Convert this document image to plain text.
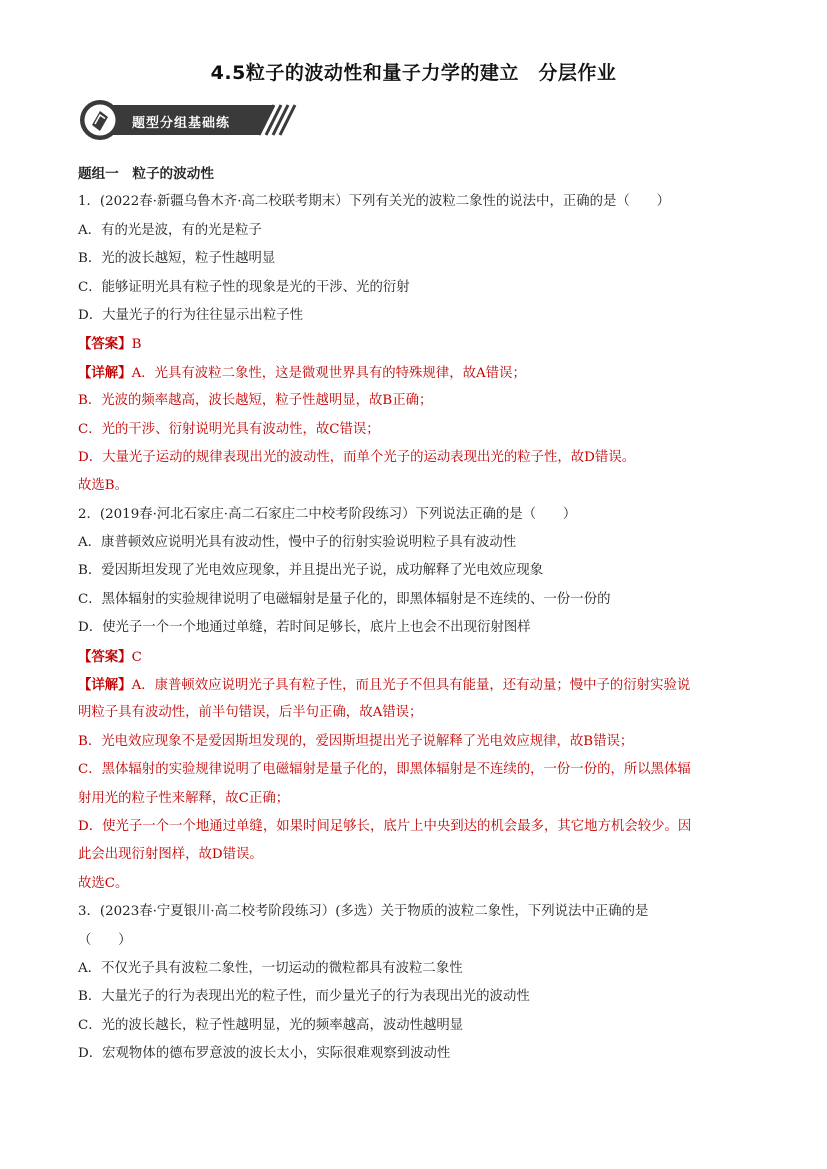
4.5粒子的波动性和量子力学的建立　分层作业
题型分组基础练
题组一　粒子的波动性
1．(2022春·新疆乌鲁木齐·高二校联考期末）下列有关光的波粒二象性的说法中，正确的是（　　）
A．有的光是波，有的光是粒子
B．光的波长越短，粒子性越明显
C．能够证明光具有粒子性的现象是光的干涉、光的衍射
D．大量光子的行为往往显示出粒子性
【答案】B
【详解】A．光具有波粒二象性，这是微观世界具有的特殊规律，故A错误；
B．光波的频率越高，波长越短，粒子性越明显，故B正确；
C．光的干涉、衍射说明光具有波动性，故C错误；
D．大量光子运动的规律表现出光的波动性，而单个光子的运动表现出光的粒子性，故D错误。
故选B。
2．(2019春·河北石家庄·高二石家庄二中校考阶段练习）下列说法正确的是（　　）
A．康普顿效应说明光具有波动性，慢中子的衍射实验说明粒子具有波动性
B．爱因斯坦发现了光电效应现象，并且提出光子说，成功解释了光电效应现象
C．黑体辐射的实验规律说明了电磁辐射是量子化的，即黑体辐射是不连续的、一份一份的
D．使光子一个一个地通过单缝，若时间足够长，底片上也会不出现衍射图样
【答案】C
【详解】A．康普顿效应说明光子具有粒子性，而且光子不但具有能量，还有动量；慢中子的衍射实验说
明粒子具有波动性，前半句错误，后半句正确，故A错误；
B．光电效应现象不是爱因斯坦发现的，爱因斯坦提出光子说解释了光电效应规律，故B错误；
C．黑体辐射的实验规律说明了电磁辐射是量子化的，即黑体辐射是不连续的，一份一份的，所以黑体辐
射用光的粒子性来解释，故C正确；
D．使光子一个一个地通过单缝，如果时间足够长，底片上中央到达的机会最多，其它地方机会较少。因
此会出现衍射图样，故D错误。
故选C。
3．(2023春·宁夏银川·高二校考阶段练习）(多选）关于物质的波粒二象性，下列说法中正确的是
（　　）
A．不仅光子具有波粒二象性，一切运动的微粒都具有波粒二象性
B．大量光子的行为表现出光的粒子性，而少量光子的行为表现出光的波动性
C．光的波长越长，粒子性越明显，光的频率越高，波动性越明显
D．宏观物体的德布罗意波的波长太小，实际很难观察到波动性
